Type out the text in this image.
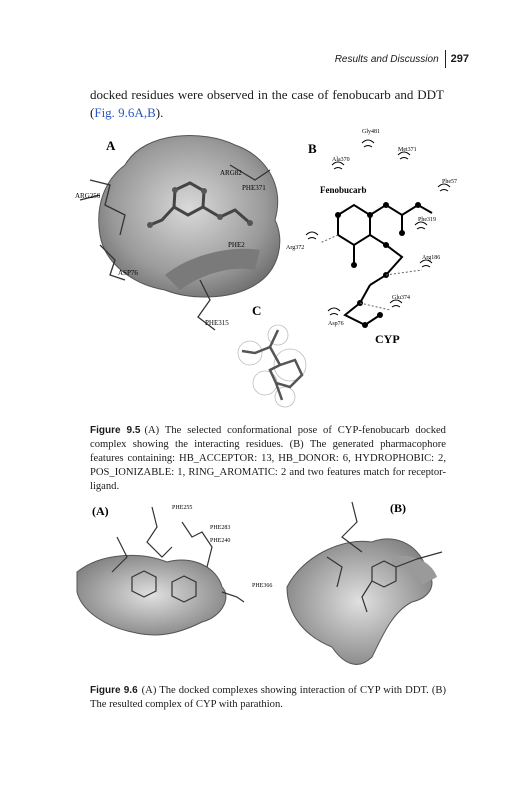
Results and Discussion 297
docked residues were observed in the case of fenobucarb and DDT (Fig. 9.6A,B).
A
ARG256
ARG82
PHE371
ASP76
PHE315
PHE2
B
Gly481
Ala370
Met371
Phe57
Phe319
Arg372
Arg186
Glu374
Asp76
Fenobucarb
CYP
C
Figure 9.5 (A) The selected conformational pose of CYP-fenobucarb docked complex showing the interacting residues. (B) The generated pharmacophore features containing: HB_ACCEPTOR: 13, HB_DONOR: 6, HYDROPHOBIC: 2, POS_IONIZABLE: 1, RING_AROMATIC: 2 and two features match for receptor-ligand.
(A)	(B)
PHE255
PHE283
PHE240
PHE366
Figure 9.6 (A) The docked complexes showing interaction of CYP with DDT. (B) The resulted complex of CYP with parathion.
